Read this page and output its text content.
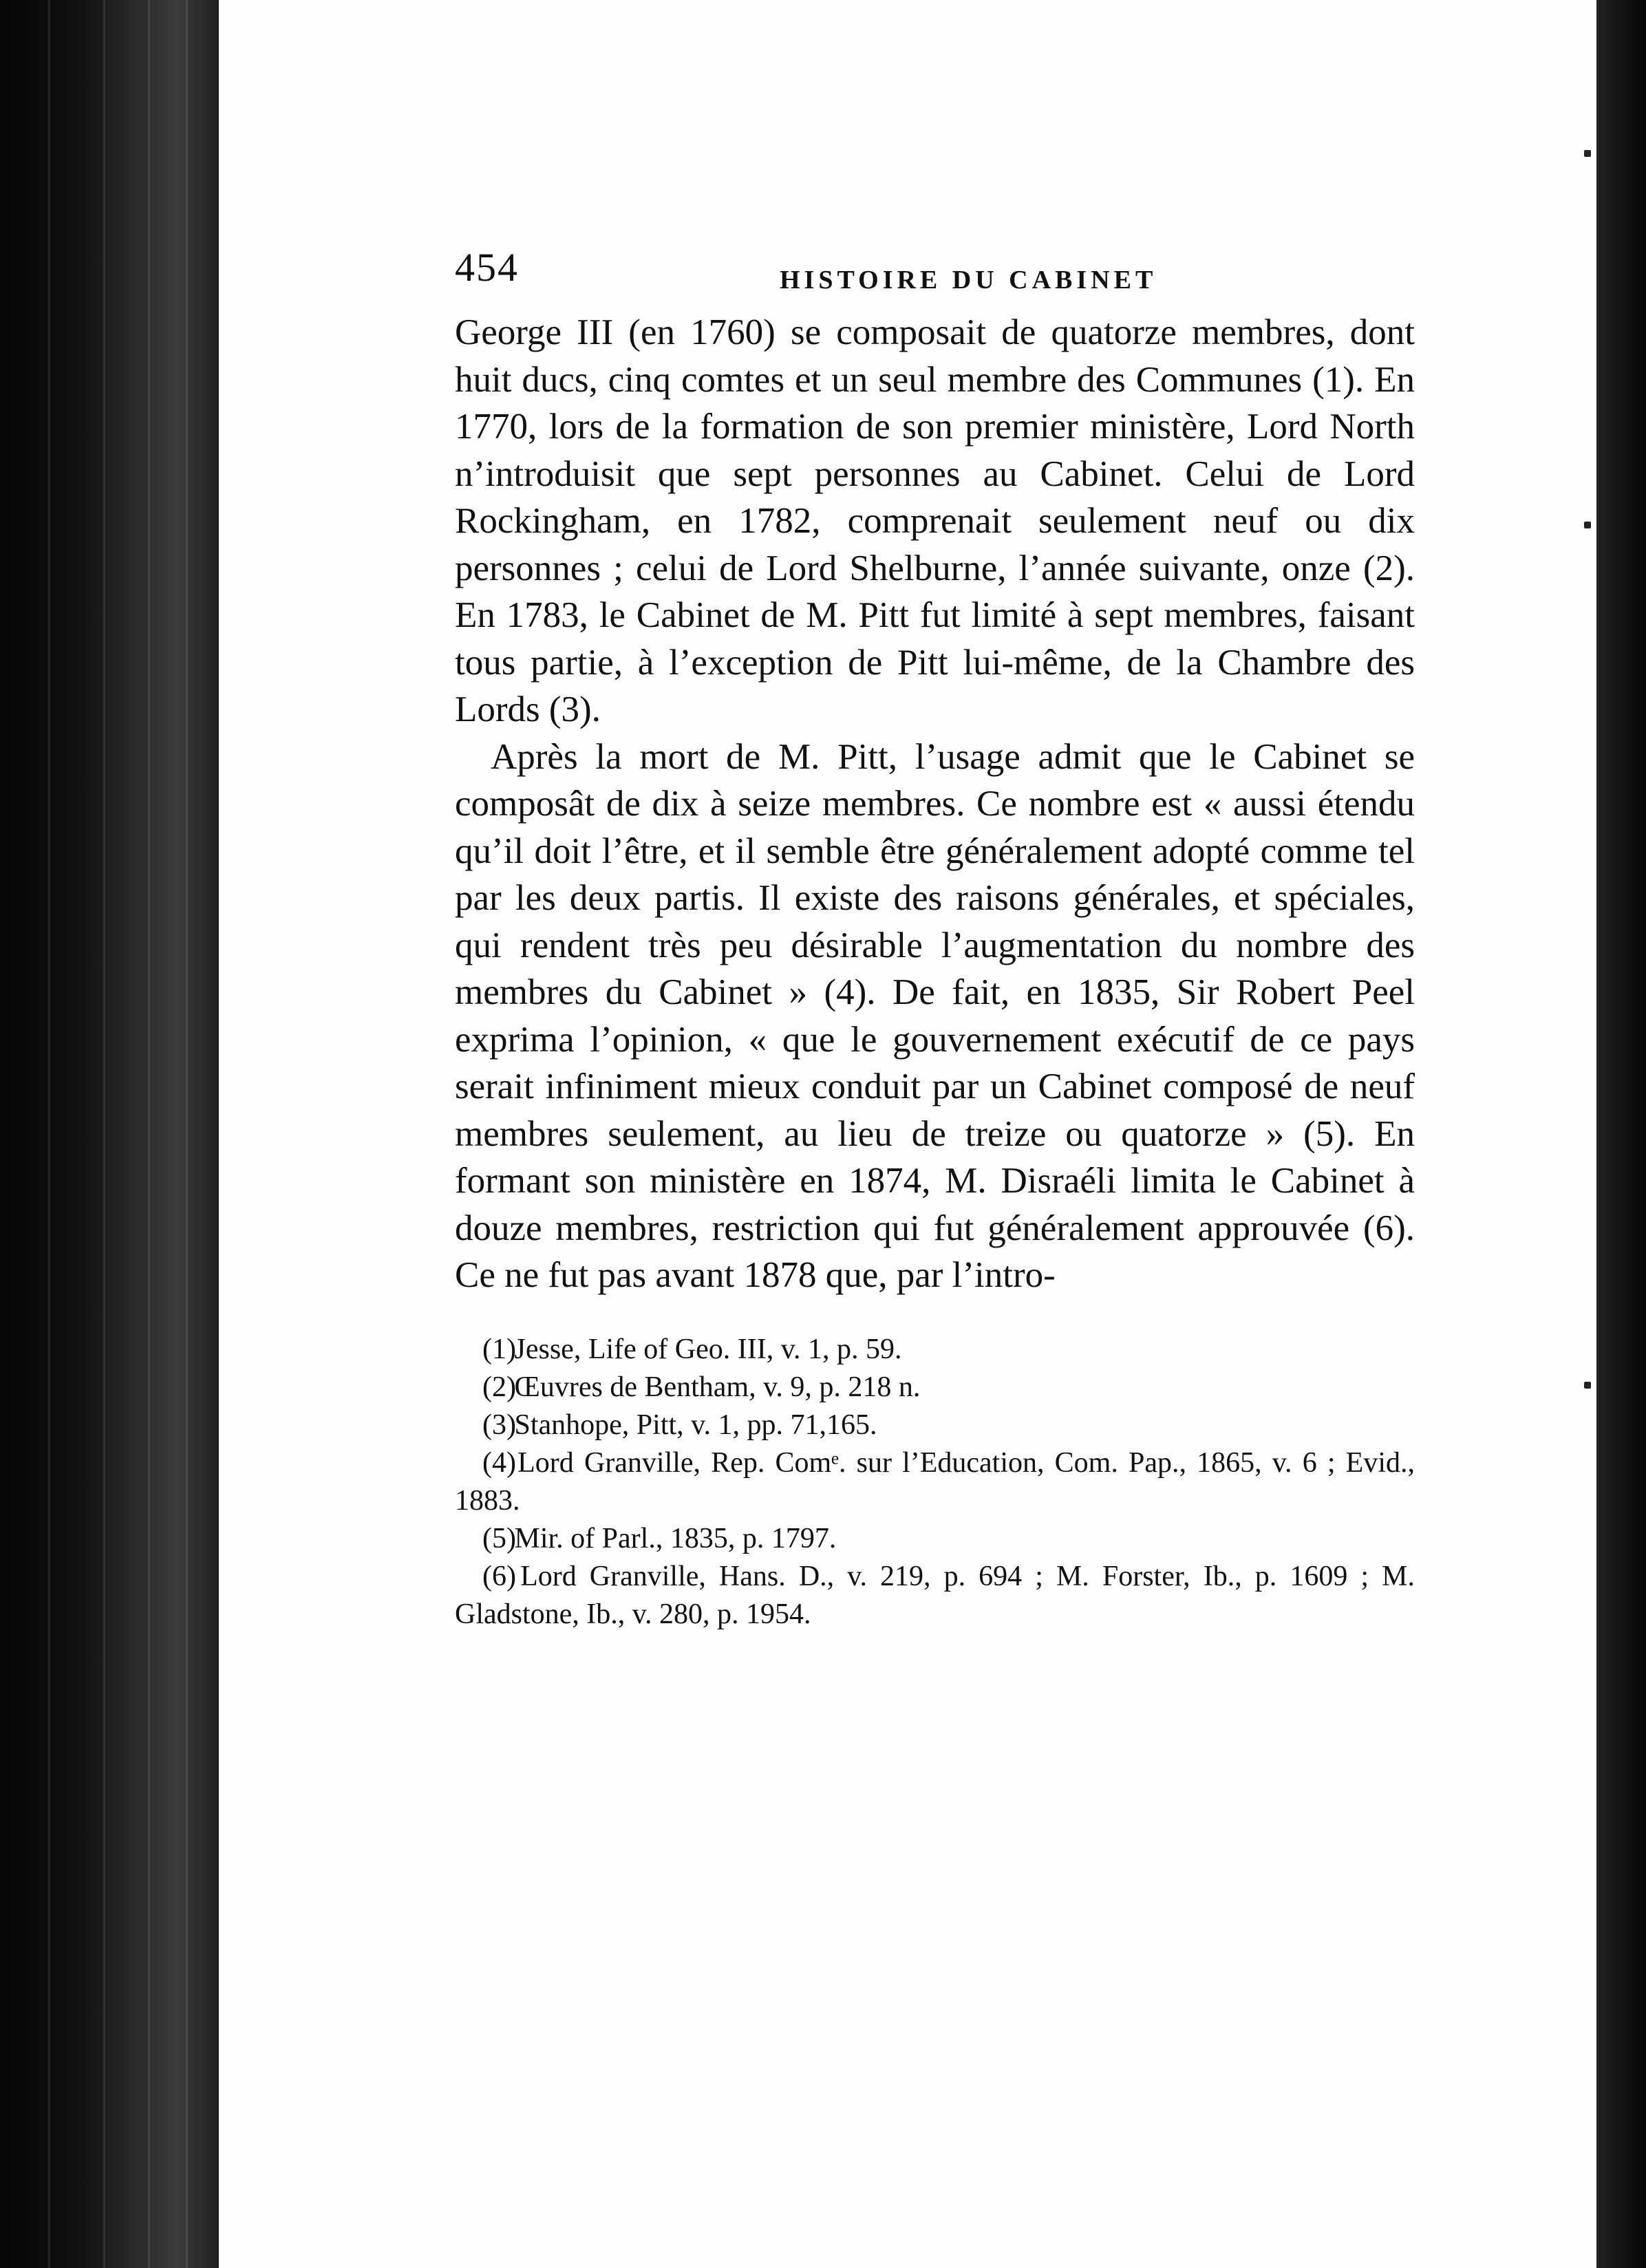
454	HISTOIRE DU CABINET

George III (en 1760) se composait de quatorze membres, dont huit ducs, cinq comtes et un seul membre des Communes (1). En 1770, lors de la formation de son premier ministère, Lord North n’introduisit que sept personnes au Cabinet. Celui de Lord Rockingham, en 1782, comprenait seulement neuf ou dix personnes ; celui de Lord Shelburne, l’année suivante, onze (2). En 1783, le Cabinet de M. Pitt fut limité à sept membres, faisant tous partie, à l’exception de Pitt lui-même, de la Chambre des Lords (3).

Après la mort de M. Pitt, l’usage admit que le Cabinet se composât de dix à seize membres. Ce nombre est « aussi étendu qu’il doit l’être, et il semble être généralement adopté comme tel par les deux partis. Il existe des raisons générales, et spéciales, qui rendent très peu désirable l’augmentation du nombre des membres du Cabinet » (4). De fait, en 1835, Sir Robert Peel exprima l’opinion, « que le gouvernement exécutif de ce pays serait infiniment mieux conduit par un Cabinet composé de neuf membres seulement, au lieu de treize ou quatorze » (5). En formant son ministère en 1874, M. Disraéli limita le Cabinet à douze membres, restriction qui fut généralement approuvée (6). Ce ne fut pas avant 1878 que, par l’intro-

(1) Jesse, Life of Geo. III, v. 1, p. 59.
(2) Œuvres de Bentham, v. 9, p. 218 n.
(3) Stanhope, Pitt, v. 1, pp. 71,165.
(4) Lord Granville, Rep. Comᵉ. sur l’Education, Com. Pap., 1865, v. 6 ; Evid., 1883.
(5) Mir. of Parl., 1835, p. 1797.
(6) Lord Granville, Hans. D., v. 219, p. 694 ; M. Forster, Ib., p. 1609 ; M. Gladstone, Ib., v. 280, p. 1954.
